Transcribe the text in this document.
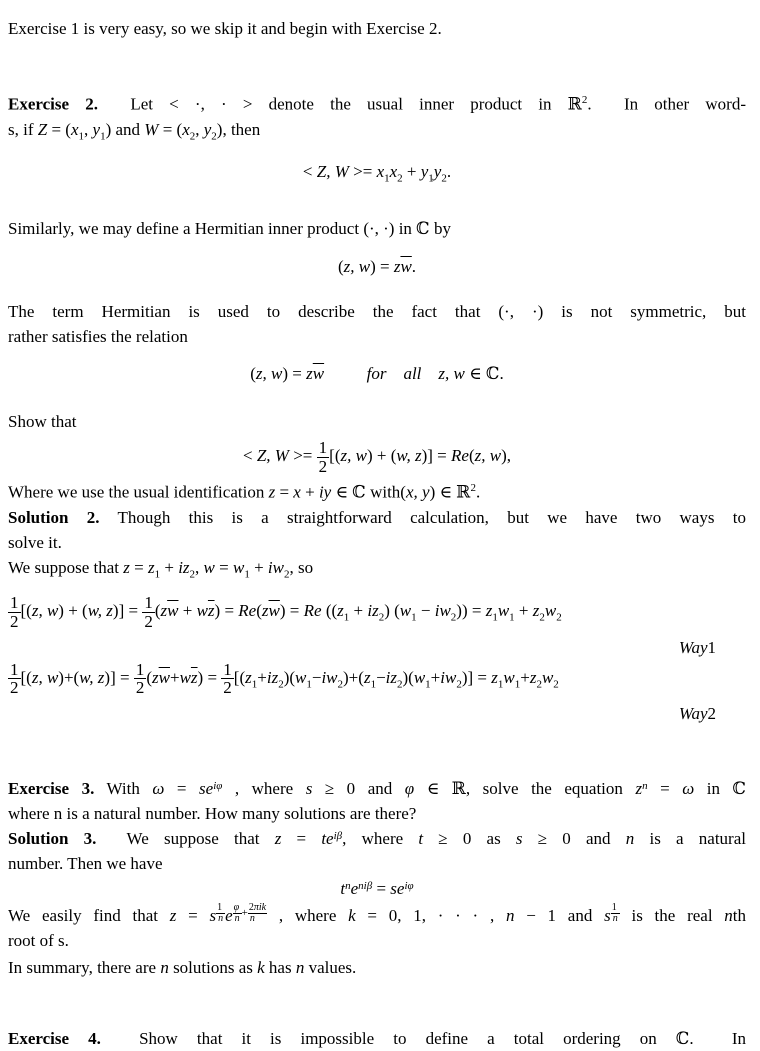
Exercise 1 is very easy, so we skip it and begin with Exercise 2.
Exercise 2.  Let < ·, · > denote the usual inner product in ℝ$^2$.  In other word-
s, if $Z = (x_1$, $y_1$) and $W = (x_2$, $y_2$), then
< Z, $W >= x_1x_2 + y_1y_2$.
Similarly, we may define a Hermitian inner product (·, ·) in ℂ by
(z, $w) = z\overline{w}$.
The term Hermitian is used to describe the fact that (·, ·) is not symmetric, but
rather satisfies the relation
(z, $w) = z\overline{w}$   	for all  z, w ∈ ℂ.
Show that
< Z, $W >= \frac{1}{2} [(z$, w) + (w, z)] = Re(z, w),
Where we use the usual identification z = x + iy ∈ ℂ with(x, y) ∈ ℝ$^2$.
Solution 2. Though this is a straightforward calculation, but we have two ways to
solve it.
We suppose that $z = z_1 + iz_2$, $w = w_1 + iw_2$, so
$\frac{1}{2} [(z$, w) + (w, $z)] = \frac{1}{2} (z\overline{w} + w\overline{z}) = Re(z\overline{w}) = Re$ $((z_1 + iz_2) (w_1 - iw_2)) = z_1w_1 + z_2w_2$
Way1
$\frac{1}{2} [(z$, w)+(w, $z)] = \frac{1}{2} (z\overline{w}+w\overline{z}) = \frac{1}{2} [(z_1+iz_2)(w_1-iw_2)+(z_1-iz_2)(w_1+iw_2)] = z_1w_1+z_2w_2$
Way2
Exercise 3. With $\omega = se^{i\varphi}$ , where s ≥ 0 and φ ∈ ℝ, solve the equation $z^n = \omega$ in ℂ
where n is a natural number. How many solutions are there?
Solution 3.  We suppose that $z = te^{i\beta}$, where t ≥ 0 as s ≥ 0 and n is a natural
number. Then we have
$t^ne^{ni\beta} = se^{i\varphi}$
We easily find that z = s $^{\frac{1}{n}}$ e $^{\frac{\varphi}{n} + 2\pi ik n}$ , where k = 0, 1, · · · , n − 1 and s $^{\frac{1}{n}}$ is the real nth
root of s.
In summary, there are n solutions as k has n values.
Exercise 4.  Show that it is impossible to define a total ordering on ℂ.  In
